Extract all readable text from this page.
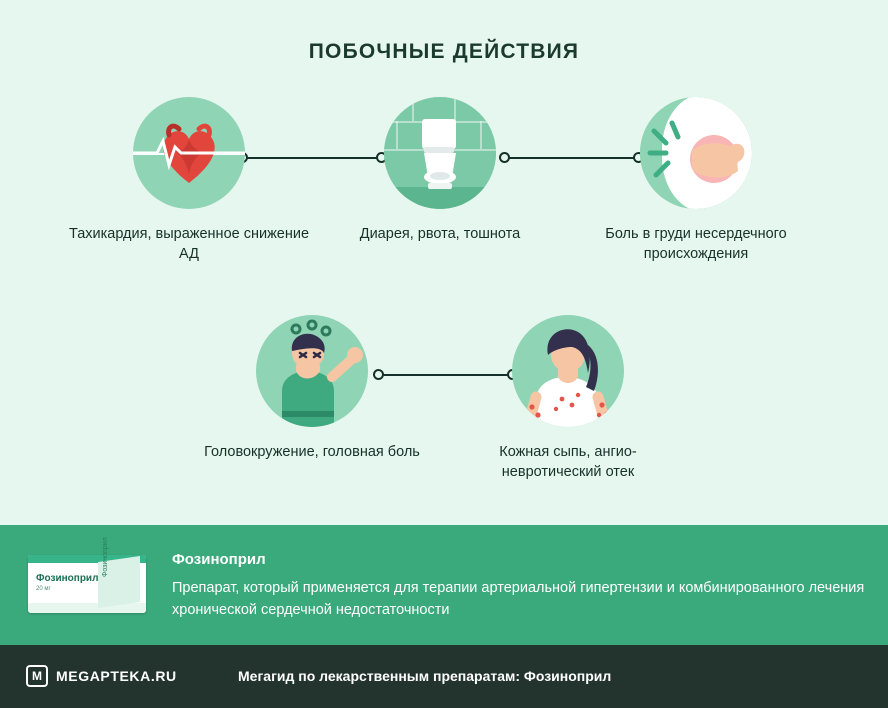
ПОБОЧНЫЕ ДЕЙСТВИЯ
Тахикардия, выраженное снижение АД
Диарея, рвота, тошнота	Боль в груди несердечного происхождения
Головокружение, головная боль	Кожная сыпь, ангио-невротический отек
Фозиноприл
20 мг
Фозиноприл	Фозиноприл
Препарат, который применяется для терапии артериальной гипертензии и комбинированного лечения хронической сердечной недостаточности
M	MEGAPTEKA.RU	Мегагид по лекарственным препаратам: Фозиноприл
